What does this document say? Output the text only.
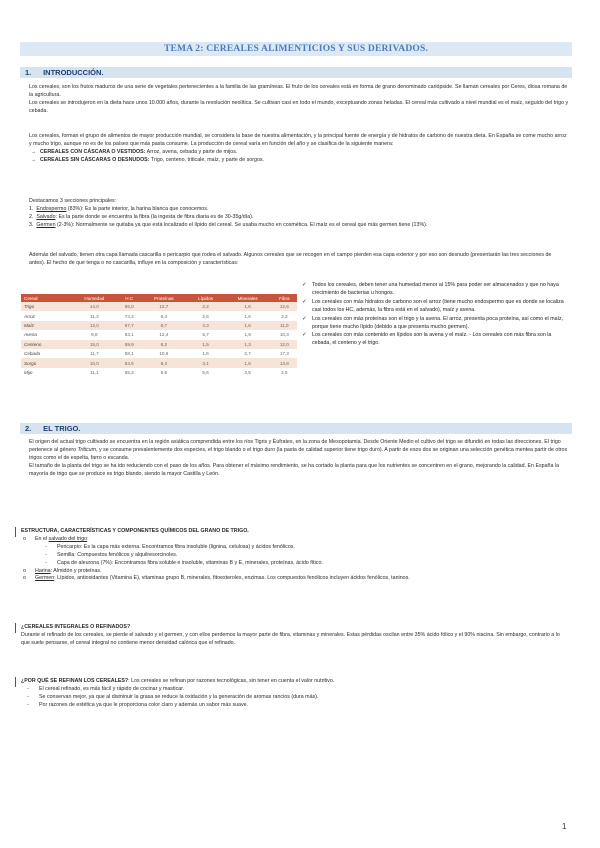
TEMA 2: CEREALES ALIMENTICIOS Y SUS DERIVADOS.
1. INTRODUCCIÓN.

Los cereales, son los frutos maduros de una serie de vegetales pertenecientes a la familia de las gramíneas. El fruto de los cereales está en forma de grano denominado cariópside. Se llaman cereales por Ceres, diosa romana de la agricultura.

Los cereales se introdujeron en la dieta hace unos 10.000 años, durante la revolución neolítica. Se cultivan casi en todo el mundo, exceptuando zonas heladas. El cereal más cultivado a nivel mundial es el maíz, seguido del trigo y cebada.

Los cereales, forman el grupo de alimentos de mayor producción mundial, se considera la base de nuestra alimentación, y la principal fuente de energía y de hidratos de carbono de nuestra dieta. En España se come mucho arroz y mucho trigo, aunque no es de los países que más pasta consume. La producción de cereal varía en función del año y se clasifica de la siguiente manera:

→ CEREALES CON CÁSCARA O VESTIDOS: Arroz, avena, cebada y parte de mijos.

→ CEREALES SIN CÁSCARAS O DESNUDOS: Trigo, centeno, triticale, maíz, y parte de sorgos.

Destacamos 3 secciones principales:

1. Endospermo (83%): Es la parte interior, la harina blanca que conocemos.

2. Salvado: Es la parte donde se encuentra la fibra (la ingesta de fibra diaria es de 30-35g/día).

3. Germen (2-3%): Normalmente se quitaba ya que está localizado el lípido del cereal. Se usaba mucho en cosmética. El maíz es el cereal que más germen tiene (13%).

Además del salvado, tienen otra capa llamada cascarilla o pericarpio que rodea el salvado. Algunos cereales que se recogen en el campo pierden esa capa exterior y por eso son desnudo (presentarán las tres secciones de antes). El hecho de que tenga o no cascarilla, influye en la composición y características:

Cereal	Humedad	H.C	Proteínas	Lípidos	Minerales	Fibra
Trigo	14,0	66,0	12,7	2,2	1,6	12,6
Arroz	11,3	74,3	6,4	2,6	1,6	3,3
Maíz	12,0	67,7	8,7	4,3	1,6	11,0
Avena	9,8	63,1	12,4	5,7	1,9	10,3
Centeno	15,0	59,9	8,2	1,5	1,3	12,0
Cebada	11,7	58,1	10,6	1,6	2,7	17,3
Sorgo	10,0	63,5	8,3	3,1	1,6	13,8
Mijo	11,1	65,3	5,5	5,6	3,5	2,5
✓ Todos los cereales, deben tener una humedad menor al 15% para poder ser almacenados y que no haya crecimiento de bacterias u hongos.
✓ Los cereales con más hidratos de carbono son el arroz (tiene mucho endospermo que es donde se localiza casi todos los HC, además, la fibra está en el salvado), maíz y avena.
✓ Los cereales con más proteínas son el trigo y la avena. El arroz, presenta poca proteína, así como el maíz, porque tiene mucho lípido (debido a que presenta mucho germen).
✓ Los cereales con más contenido en lípidos son la avena y el maíz. - Los cereales con más fibra son la cebada, el centeno y el trigo.
2. EL TRIGO.

El origen del actual trigo cultivado se encuentra en la región asiática comprendida entre los ríos Tigris y Éufrates, en la zona de Mesopotamia. Desde Oriente Medio el cultivo del trigo se difundió en todas las direcciones. El trigo pertenece al género Triticum, y se consume prevalentemente dos especies, el trigo blando o el trigo duro (la pasta de calidad superior tiene trigo duro). A partir de esos dos se originan una selección genética mentea partir de otros trigos como el de espelta, farro o escanda.

El tamaño de la planta del trigo se ha ido reduciendo con el paso de los años. Para obtener el máximo rendimiento, se ha cortado la planta para que los nutrientes se concentren en el grano, mejorando la calidad. En España la mayoría de trigo que se produce es trigo blando, siendo la mayor Castilla y León.

ESTRUCTURA, CARACTERÍSTICAS Y COMPONENTES QUÍMICOS DEL GRANO DE TRIGO.

o En el salvado del trigo:

- Pericarpio: Es la capa más externa. Encontramos fibra insoluble (lignina, celulosa) y ácidos fenólicos.

- Semilla: Compuestos fenólicos y alquilresorcinoles.

- Capa de aleurona (7%): Encontramos fibra soluble e insoluble, vitaminas B y E, minerales, proteínas, ácido fítico.

o Harina: Almidón y proteínas.

o Germen: Lípidos, antioxidantes (Vitamina E), vitaminas grupo B, minerales, fitoesteroles, enzimas. Los compuestos fenólicos incluyen ácidos fenólicos, taninos.

¿CEREALES INTEGRALES O REFINADOS?

Durante el refinado de los cereales, se pierde el salvado y el germen, y con ellos perdemos la mayor parte de fibra, vitaminas y minerales. Estas pérdidas oscilan entre 35% ácido fólico y el 90% niacina. Sin embargo, contrario a lo que suele pensarse, el cereal integral no contiene menor densidad calórica que el refinado.

¿POR QUÉ SE REFINAN LOS CEREALES?: Los cereales se refinan por razones tecnológicas, sin tener en cuenta el valor nutritivo.

- El cereal refinado, es más fácil y rápido de cocinar y masticar.

- Se conservan mejor, ya que al disminuir la grasa se reduce la oxidación y la generación de aromas rancios (dura más).

- Por razones de estética ya que le proporciona color claro y además un sabor más suave.

1
